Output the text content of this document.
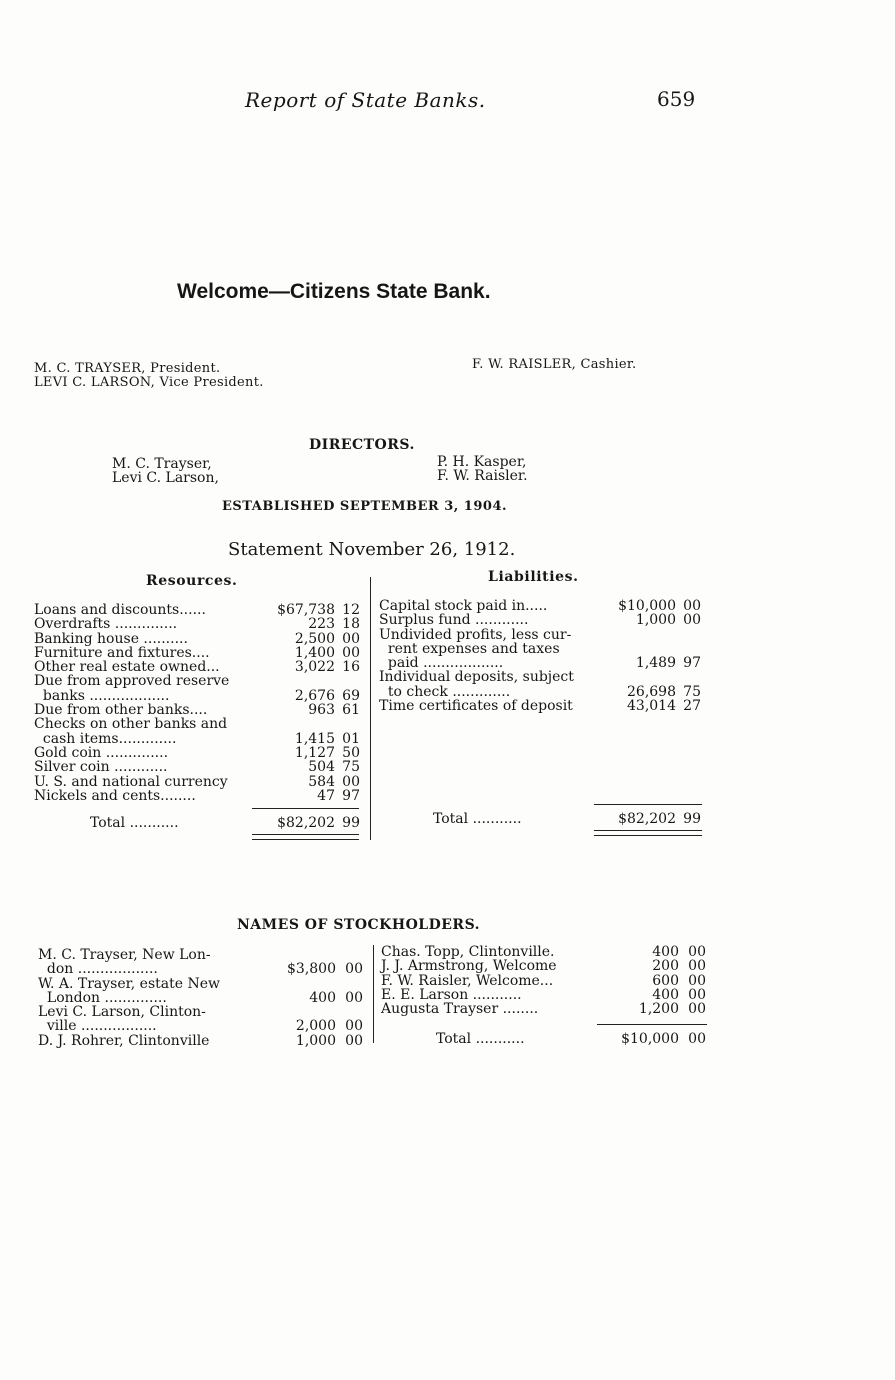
Report of State Banks.	659
Welcome—Citizens State Bank.
M. C. TRAYSER, President.
LEVI C. LARSON, Vice President.
F. W. RAISLER, Cashier.
DIRECTORS.
M. C. Trayser,
Levi C. Larson,
P. H. Kasper,
F. W. Raisler.
ESTABLISHED SEPTEMBER 3, 1904.
Statement November 26, 1912.
Resources.	Liabilities.
Loans and discounts......	$67,738 12
Overdrafts ..............	223 18
Banking house ..........	2,500 00
Furniture and fixtures....	1,400 00
Other real estate owned...	3,022 16
Due from approved reserve
banks ..................	2,676 69
Due from other banks....	963 61
Checks on other banks and
cash items.............	1,415 01
Gold coin ..............	1,127 50
Silver coin ............	504 75
U. S. and national currency	584 00
Nickels and cents........	47 97
Total ...........	$82,202 99
Capital stock paid in.....	$10,000 00
Surplus fund ............	1,000 00
Undivided profits, less cur-
rent expenses and taxes
paid ..................	1,489 97
Individual deposits, subject
to check .............	26,698 75
Time certificates of deposit	43,014 27
Total ...........	$82,202 99
NAMES OF STOCKHOLDERS.
M. C. Trayser, New Lon-
don ..................	$3,800 00
W. A. Trayser, estate New
London ..............	400 00
Levi C. Larson, Clinton-
ville .................	2,000 00
D. J. Rohrer, Clintonville	1,000 00
Chas. Topp, Clintonville.	400 00
J. J. Armstrong, Welcome	200 00
F. W. Raisler, Welcome...	600 00
E. E. Larson ...........	400 00
Augusta Trayser ........	1,200 00
Total ...........	$10,000 00
